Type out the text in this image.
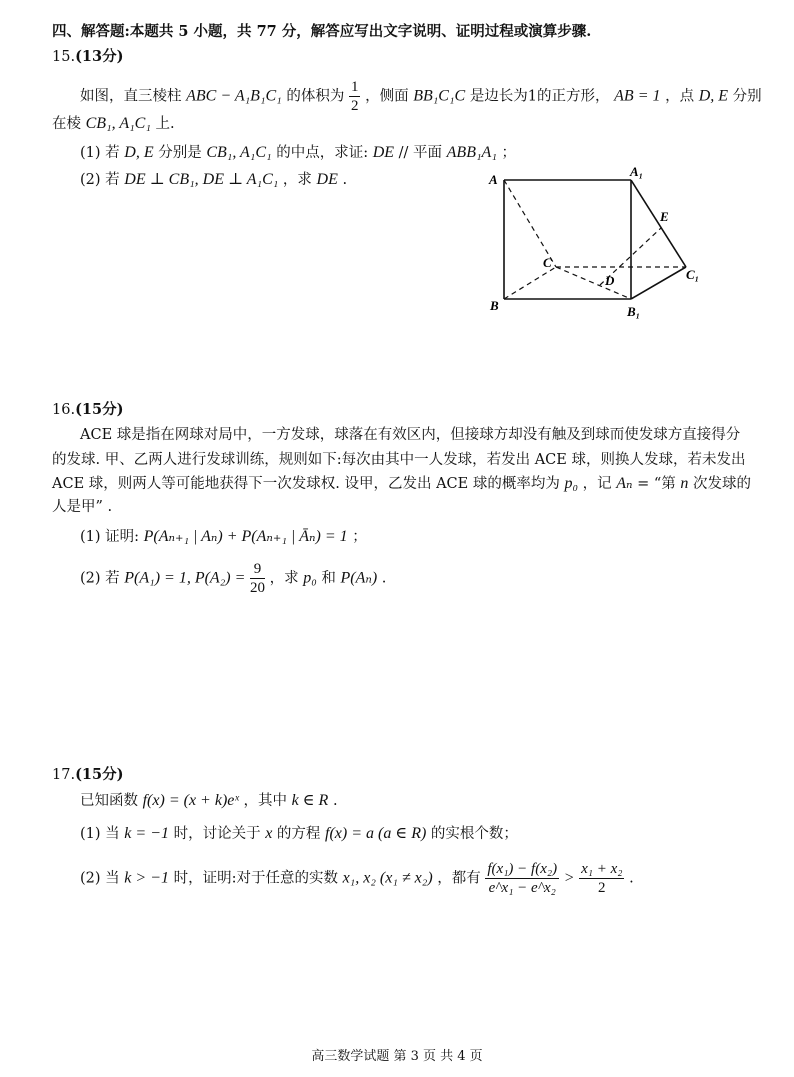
四、解答题:本题共 5 小题，共 77 分，解答应写出文字说明、证明过程或演算步骤.
15.(13分)
如图，直三棱柱 ABC − A₁B₁C₁ 的体积为 $\frac{1}{2}$ ，侧面 BB₁C₁C 是边长为1的正方形， AB = 1 ，点 D, E 分别
在棱 CB₁, A₁C₁ 上.
(1) 若 D, E 分别是 CB₁, A₁C₁ 的中点，求证: DE // 平面 ABB₁A₁ ；
(2) 若 DE ⊥ CB₁, DE ⊥ A₁C₁ ，求 DE .	A
A₁
E
C
D	C₁
B	B₁
16.(15分)
ACE 球是指在网球对局中，一方发球，球落在有效区内，但接球方却没有触及到球而使发球方直接得分
的发球. 甲、乙两人进行发球训练，规则如下:每次由其中一人发球，若发出 ACE 球，则换人发球，若未发出
ACE 球，则两人等可能地获得下一次发球权. 设甲，乙发出 ACE 球的概率均为 p₀ ，记 Aₙ = “第 n 次发球的
人是甲” .
(1) 证明: P(Aₙ₊₁ | Aₙ) + P(Aₙ₊₁ | Āₙ) = 1 ；
(2) 若 P(A₁) = 1, $P(A_2) = \frac{9}{20}$ ，求 p₀ 和 P(Aₙ) .
17.(15分)
已知函数 f(x) = (x + k)eˣ ，其中 k ∈ R .
(1) 当 k = −1 时，讨论关于 x 的方程 f(x) = a (a ∈ R) 的实根个数；
(2) 当 k > −1 时，证明:对于任意的实数 x₁, x₂ (x₁ ≠ x₂) ，都有 $\frac{\text{f(x₁) − f(x₂)}}{\text{e\textasciicircum{}x₁ − e\textasciicircum{}x₂}} > \frac{\text{x₁ + x₂}}{2}$ .
高三数学试题 第 3 页 共 4 页
